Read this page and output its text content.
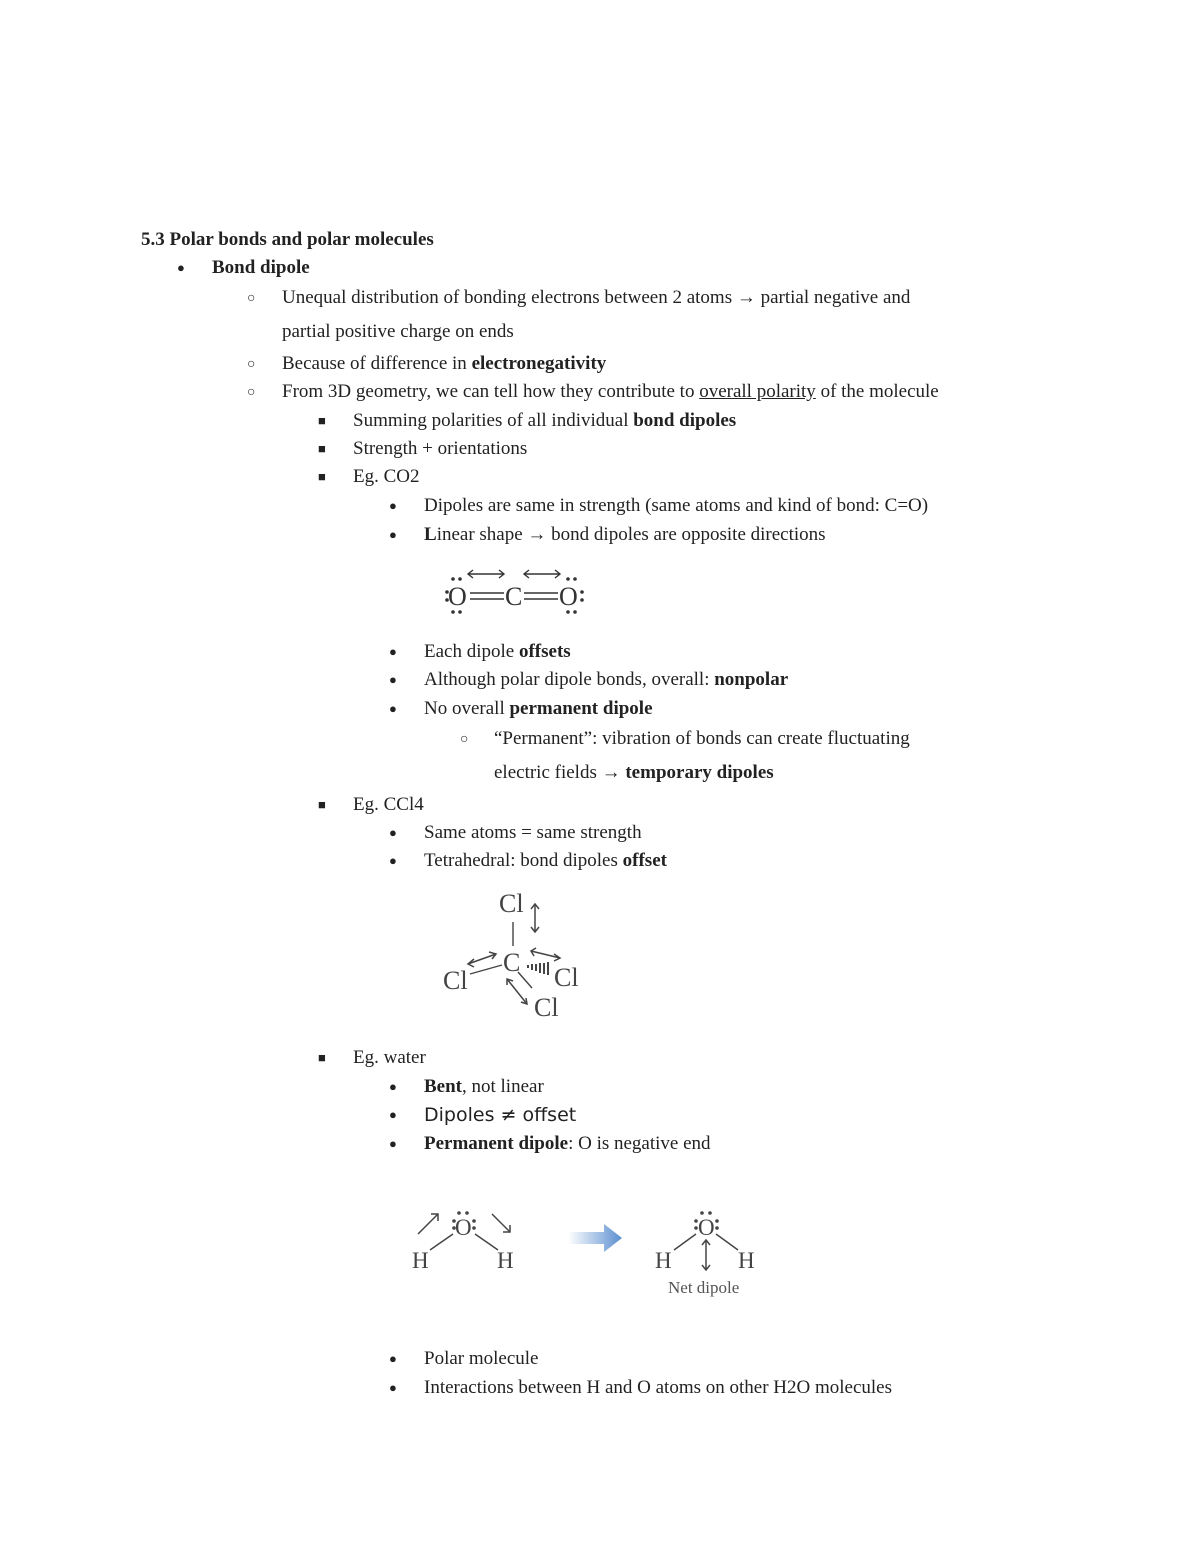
5.3 Polar bonds and polar molecules
●
Bond dipole
○
Unequal distribution of bonding electrons between 2 atoms → partial negative and
partial positive charge on ends
○
Because of difference in electronegativity
○
From 3D geometry, we can tell how they contribute to overall polarity of the molecule
■
Summing polarities of all individual bond dipoles
■
Strength + orientations
■
Eg. CO2
●
Dipoles are same in strength (same atoms and kind of bond: C=O)
●
Linear shape → bond dipoles are opposite directions
O C O
●
Each dipole offsets
●
Although polar dipole bonds, overall: nonpolar
●
No overall permanent dipole
○
“Permanent”: vibration of bonds can create fluctuating
electric fields → temporary dipoles
■
Eg. CCl4
●
Same atoms = same strength
●
Tetrahedral: bond dipoles offset
Cl
C
Cl	Cl
Cl
■
Eg. water
●
Bent, not linear
●
Dipoles ≠ offset
●
Permanent dipole: O is negative end
O
H	H
O
H	H
Net dipole
●
Polar molecule
●
Interactions between H and O atoms on other H2O molecules
